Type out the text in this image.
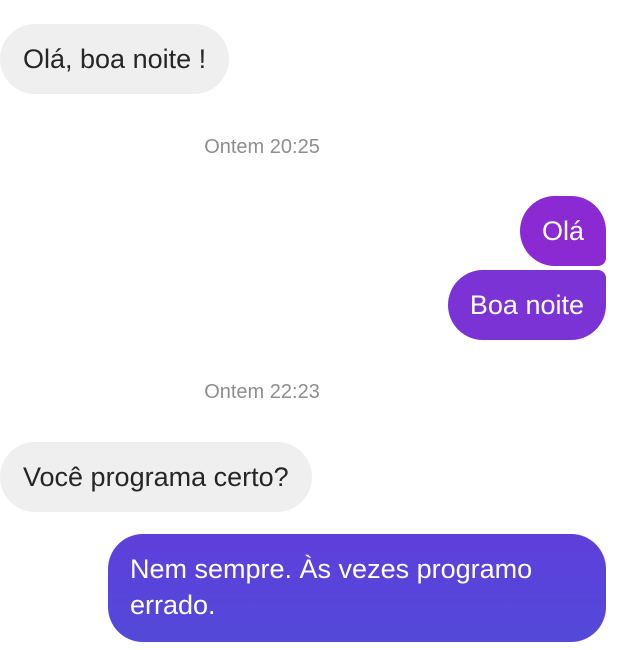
Olá, boa noite !
Ontem 20:25
Olá
Boa noite
Ontem 22:23
Você programa certo?
Nem sempre. Às vezes programo errado.
